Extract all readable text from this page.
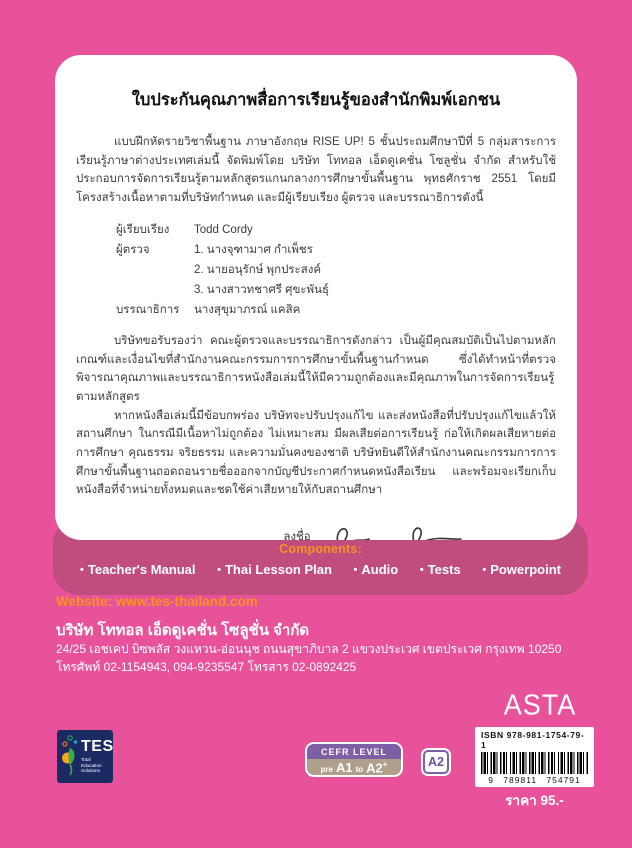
Components:
• Teacher's Manual • Thai Lesson Plan • Audio • Tests • Powerpoint
ใบประกันคุณภาพสื่อการเรียนรู้ของสำนักพิมพ์เอกชน

แบบฝึกหัดรายวิชาพื้นฐาน ภาษาอังกฤษ RISE UP! 5 ชั้นประถมศึกษาปีที่ 5 กลุ่มสาระการเรียนรู้ภาษาต่างประเทศเล่มนี้ จัดพิมพ์โดย บริษัท โททอล เอ็ดดูเคชั่น โซลูชั่น จำกัด สำหรับใช้ประกอบการจัดการเรียนรู้ตามหลักสูตรแกนกลางการศึกษาขั้นพื้นฐาน พุทธศักราช 2551 โดยมีโครงสร้างเนื้อหาตามที่บริษัทกำหนด และมีผู้เรียบเรียง ผู้ตรวจ และบรรณาธิการดังนี้

ผู้เรียบเรียง	Todd Cordy
ผู้ตรวจ	1. นางจุฑามาศ กำเพ็ชร
2. นายอนุรักษ์ พุกประสงค์
3. นางสาวทชาศรี ศุขะพันธุ์
บรรณาธิการ	นางสุขุมาภรณ์ แคสิค

บริษัทขอรับรองว่า คณะผู้ตรวจและบรรณาธิการดังกล่าว เป็นผู้มีคุณสมบัติเป็นไปตามหลักเกณฑ์และเงื่อนไขที่สำนักงานคณะกรรมการการศึกษาขั้นพื้นฐานกำหนด ซึ่งได้ทำหน้าที่ตรวจพิจารณาคุณภาพและบรรณาธิการหนังสือเล่มนี้ให้มีความถูกต้องและมีคุณภาพในการจัดการเรียนรู้ตามหลักสูตร

หากหนังสือเล่มนี้มีข้อบกพร่อง บริษัทจะปรับปรุงแก้ไข และส่งหนังสือที่ปรับปรุงแก้ไขแล้วให้สถานศึกษา ในกรณีมีเนื้อหาไม่ถูกต้อง ไม่เหมาะสม มีผลเสียต่อการเรียนรู้ ก่อให้เกิดผลเสียหายต่อการศึกษา คุณธรรม จริยธรรม และความมั่นคงของชาติ บริษัทยินดีให้สำนักงานคณะกรรมการการศึกษาขั้นพื้นฐานถอดถอนรายชื่อออกจากบัญชีประกาศกำหนดหนังสือเรียน และพร้อมจะเรียกเก็บหนังสือที่จำหน่ายทั้งหมดและชดใช้ค่าเสียหายให้กับสถานศึกษา

ลงชื่อ
Website: www.tes-thailand.com
บริษัท โททอล เอ็ดดูเคชั่น โซลูชั่น จำกัด
24/25 เอชเคป บิซพลัส วงแหวน-อ่อนนุช ถนนสุขาภิบาล 2 แขวงประเวศ เขตประเวศ กรุงเทพ 10250
โทรศัพท์ 02-1154943, 094-9235547 โทรสาร 02-0892425
TES
Total Education Solutions
CEFR LEVEL
pre A1 to A2+	A2
ASTA
ISBN 978-981-1754-79-1
9 789811 754791
ราคา 95.-
